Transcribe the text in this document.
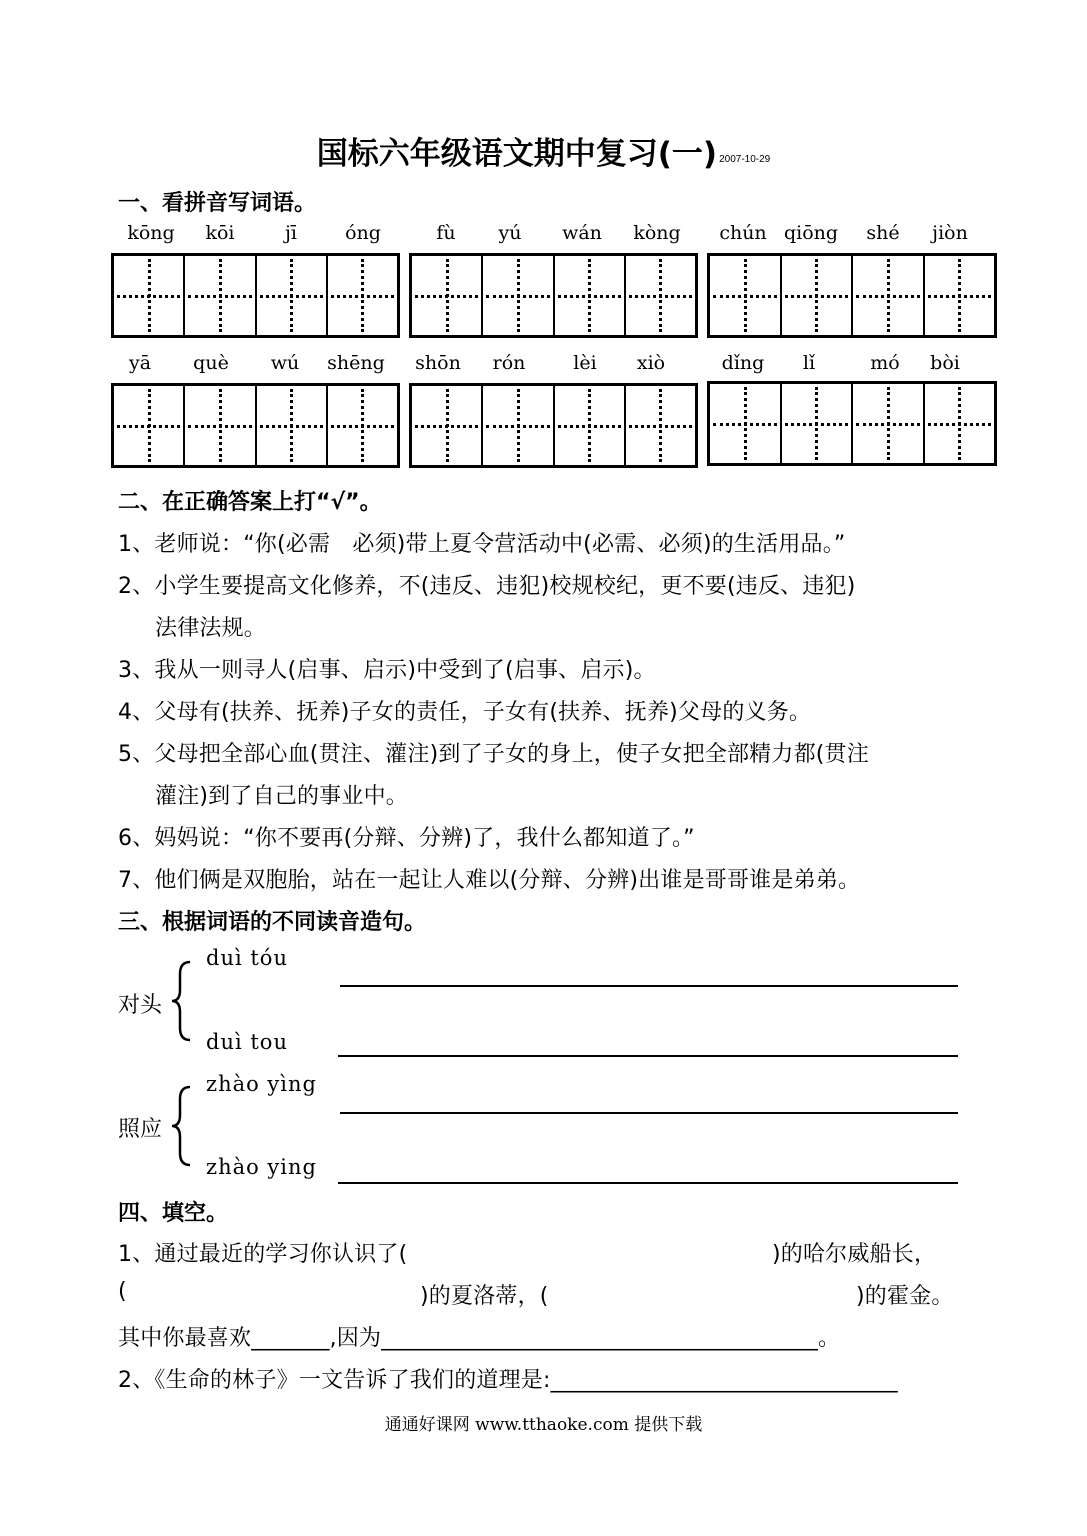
国标六年级语文期中复习(一) 2007-10-29
一、看拼音写词语。
kōng	kōi	jī	óng	fù	yú	wán	kòng	chún qiōng	shé	jiòn
yā	què	wú	shēng	shōn	rón	lèi	xiò	dǐng	lǐ	mó	bòi
二、在正确答案上打“√”。
1、老师说：“你(必需　必须)带上夏令营活动中(必需、必须)的生活用品。”
2、小学生要提高文化修养，不(违反、违犯)校规校纪，更不要(违反、违犯)
法律法规。
3、我从一则寻人(启事、启示)中受到了(启事、启示)。
4、父母有(扶养、抚养)子女的责任，子女有(扶养、抚养)父母的义务。
5、父母把全部心血(贯注、灌注)到了子女的身上，使子女把全部精力都(贯注
灌注)到了自己的事业中。
6、妈妈说：“你不要再(分辩、分辨)了，我什么都知道了。”
7、他们俩是双胞胎，站在一起让人难以(分辩、分辨)出谁是哥哥谁是弟弟。
三、根据词语的不同读音造句。
duì tóu
对头
duì tou
zhào yìng
照应
zhào ying
四、填空。
1、通过最近的学习你认识了(	)的哈尔威船长，
(	)的夏洛蒂，(	)的霍金。
其中你最喜欢_______,因为_______________________________________。
2、《生命的林子》一文告诉了我们的道理是:_______________________________
通通好课网 www.tthaoke.com 提供下载
